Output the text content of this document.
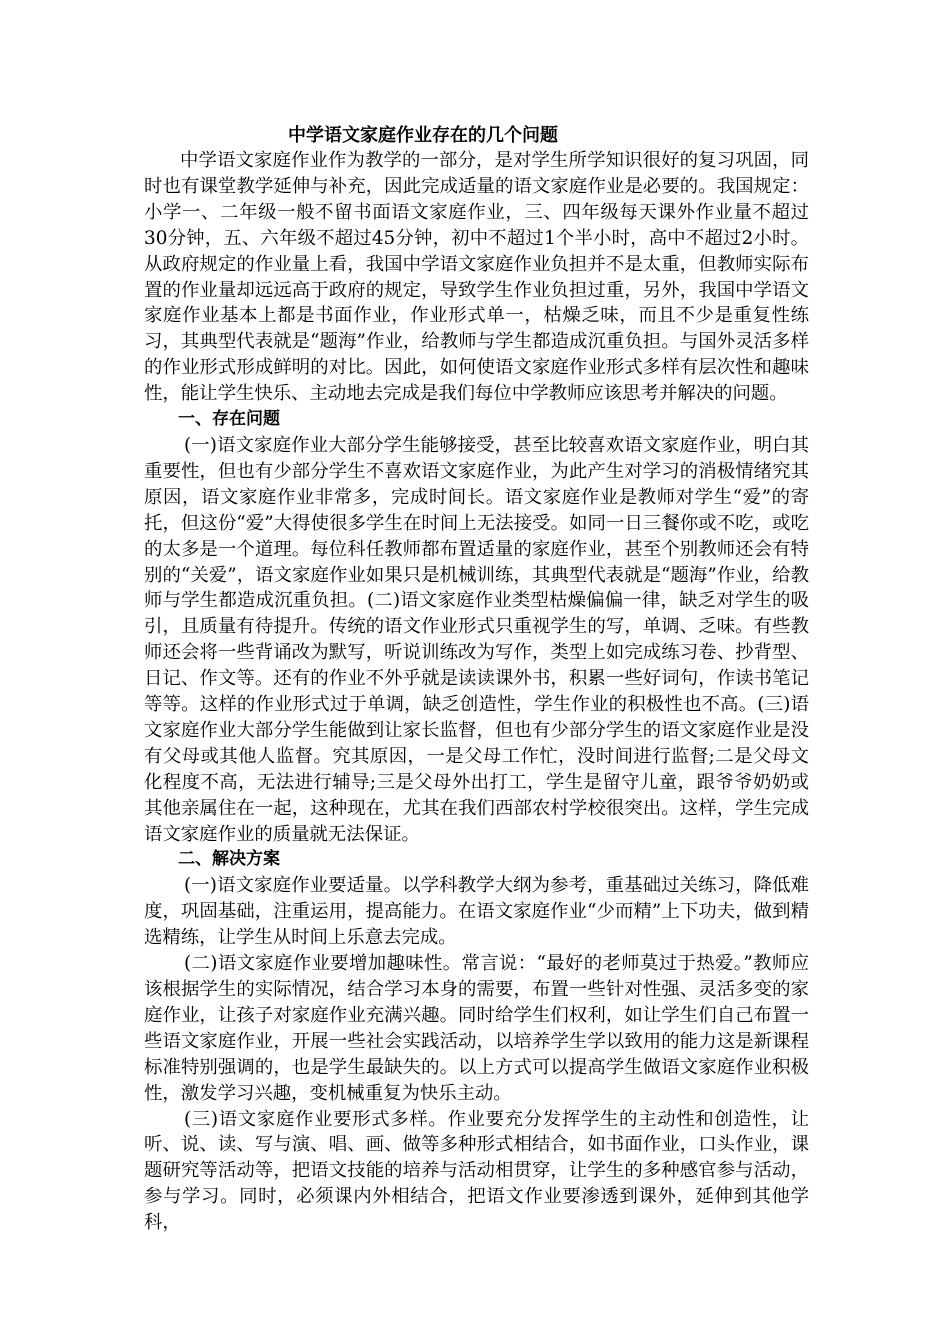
中学语文家庭作业存在的几个问题

中学语文家庭作业作为教学的一部分，是对学生所学知识很好的复习巩固，同时也有课堂教学延伸与补充，因此完成适量的语文家庭作业是必要的。我国规定：小学一、二年级一般不留书面语文家庭作业，三、四年级每天课外作业量不超过30分钟，五、六年级不超过45分钟，初中不超过1个半小时，高中不超过2小时。从政府规定的作业量上看，我国中学语文家庭作业负担并不是太重，但教师实际布置的作业量却远远高于政府的规定，导致学生作业负担过重，另外，我国中学语文家庭作业基本上都是书面作业，作业形式单一，枯燥乏味，而且不少是重复性练习，其典型代表就是“题海”作业，给教师与学生都造成沉重负担。与国外灵活多样的作业形式形成鲜明的对比。因此，如何使语文家庭作业形式多样有层次性和趣味性，能让学生快乐、主动地去完成是我们每位中学教师应该思考并解决的问题。

一、存在问题

(一)语文家庭作业大部分学生能够接受，甚至比较喜欢语文家庭作业，明白其重要性，但也有少部分学生不喜欢语文家庭作业，为此产生对学习的消极情绪究其原因，语文家庭作业非常多，完成时间长。语文家庭作业是教师对学生“爱”的寄托，但这份“爱”大得使很多学生在时间上无法接受。如同一日三餐你或不吃，或吃的太多是一个道理。每位科任教师都布置适量的家庭作业，甚至个别教师还会有特别的“关爱”，语文家庭作业如果只是机械训练，其典型代表就是“题海”作业，给教师与学生都造成沉重负担。(二)语文家庭作业类型枯燥偏偏一律，缺乏对学生的吸引，且质量有待提升。传统的语文作业形式只重视学生的写，单调、乏味。有些教师还会将一些背诵改为默写，听说训练改为写作，类型上如完成练习卷、抄背型、日记、作文等。还有的作业不外乎就是读读课外书，积累一些好词句，作读书笔记等等。这样的作业形式过于单调，缺乏创造性，学生作业的积极性也不高。(三)语文家庭作业大部分学生能做到让家长监督，但也有少部分学生的语文家庭作业是没有父母或其他人监督。究其原因，一是父母工作忙，没时间进行监督;二是父母文化程度不高，无法进行辅导;三是父母外出打工，学生是留守儿童，跟爷爷奶奶或其他亲属住在一起，这种现在，尤其在我们西部农村学校很突出。这样，学生完成语文家庭作业的质量就无法保证。

二、解决方案

(一)语文家庭作业要适量。以学科教学大纲为参考，重基础过关练习，降低难度，巩固基础，注重运用，提高能力。在语文家庭作业“少而精”上下功夫，做到精选精练，让学生从时间上乐意去完成。

(二)语文家庭作业要增加趣味性。常言说：“最好的老师莫过于热爱。”教师应该根据学生的实际情况，结合学习本身的需要，布置一些针对性强、灵活多变的家庭作业，让孩子对家庭作业充满兴趣。同时给学生们权利，如让学生们自己布置一些语文家庭作业，开展一些社会实践活动，以培养学生学以致用的能力这是新课程标准特别强调的，也是学生最缺失的。以上方式可以提高学生做语文家庭作业积极性，激发学习兴趣，变机械重复为快乐主动。

(三)语文家庭作业要形式多样。作业要充分发挥学生的主动性和创造性，让听、说、读、写与演、唱、画、做等多种形式相结合，如书面作业，口头作业，课题研究等活动等，把语文技能的培养与活动相贯穿，让学生的多种感官参与活动，参与学习。同时，必须课内外相结合，把语文作业要渗透到课外，延伸到其他学科，
